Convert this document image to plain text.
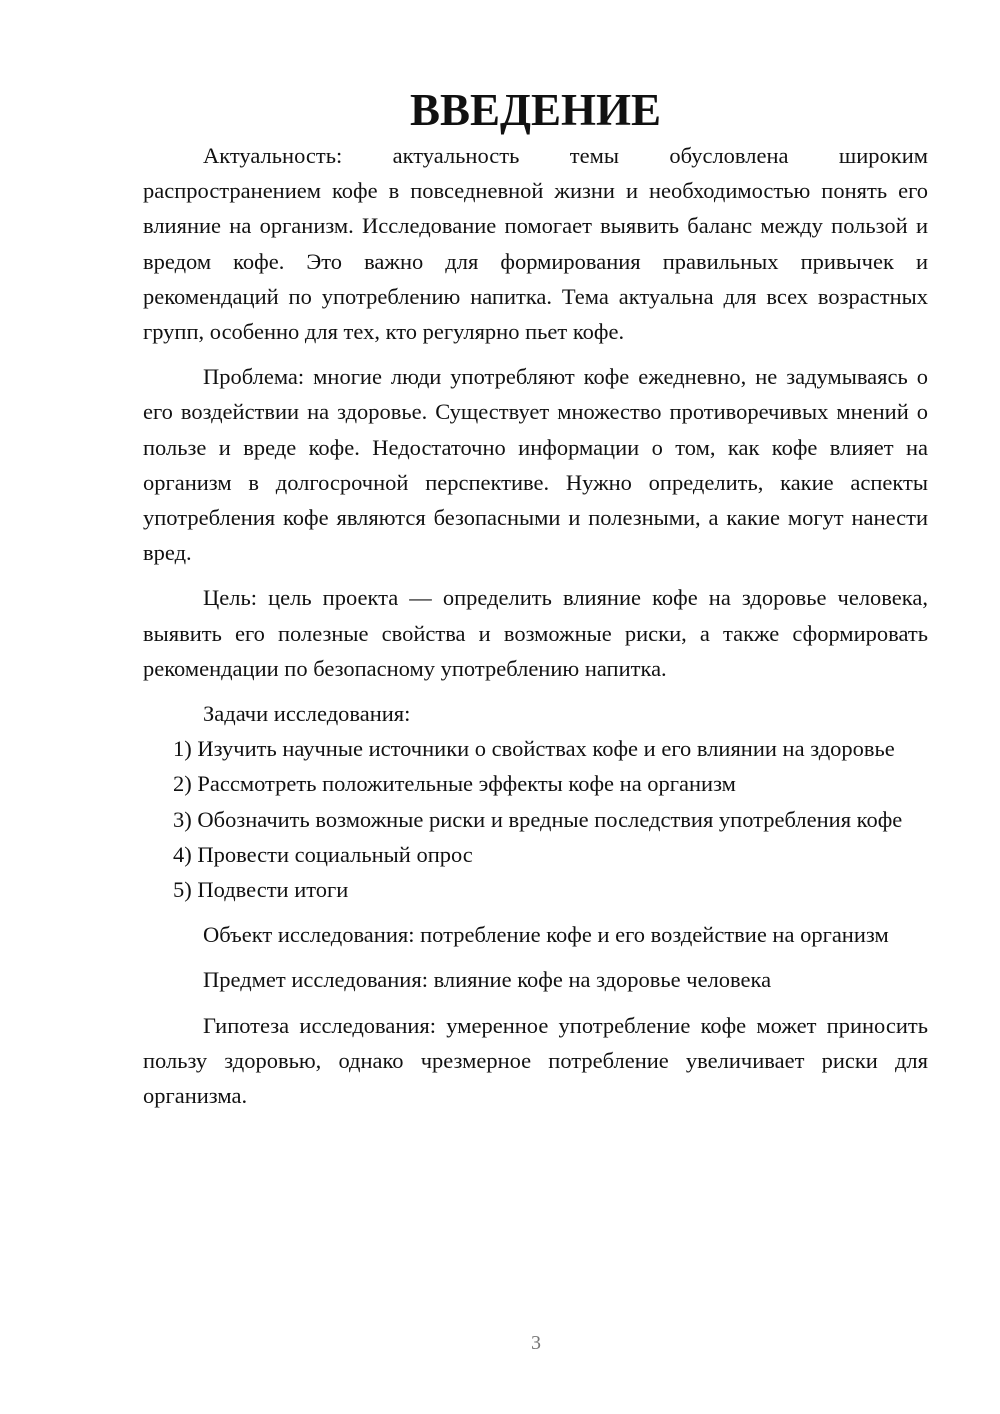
ВВЕДЕНИЕ

Актуальность: актуальность темы обусловлена широким распространением кофе в повседневной жизни и необходимостью понять его влияние на организм. Исследование помогает выявить баланс между пользой и вредом кофе. Это важно для формирования правильных привычек и рекомендаций по употреблению напитка. Тема актуальна для всех возрастных групп, особенно для тех, кто регулярно пьет кофе.

Проблема: многие люди употребляют кофе ежедневно, не задумываясь о его воздействии на здоровье. Существует множество противоречивых мнений о пользе и вреде кофе. Недостаточно информации о том, как кофе влияет на организм в долгосрочной перспективе. Нужно определить, какие аспекты употребления кофе являются безопасными и полезными, а какие могут нанести вред.

Цель: цель проекта — определить влияние кофе на здоровье человека, выявить его полезные свойства и возможные риски, а также сформировать рекомендации по безопасному употреблению напитка.

Задачи исследования:

1) Изучить научные источники о свойствах кофе и его влиянии на здоровье

2) Рассмотреть положительные эффекты кофе на организм

3) Обозначить возможные риски и вредные последствия употребления кофе

4) Провести социальный опрос

5) Подвести итоги

Объект исследования: потребление кофе и его воздействие на организм

Предмет исследования: влияние кофе на здоровье человека

Гипотеза исследования: умеренное употребление кофе может приносить пользу здоровью, однако чрезмерное потребление увеличивает риски для организма.

3
